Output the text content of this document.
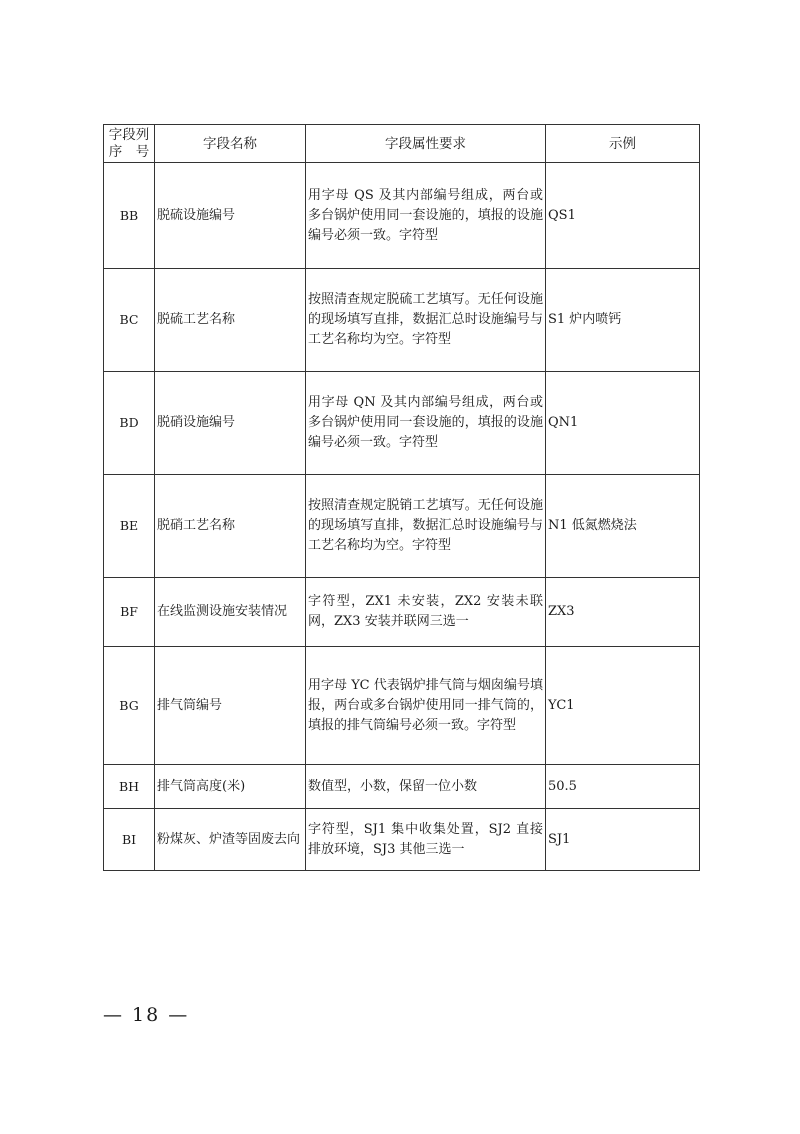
字段列
序　号	字段名称	字段属性要求	示例
BB	脱硫设施编号	用字母 QS 及其内部编号组成，两台或多台锅炉使用同一套设施的，填报的设施编号必须一致。字符型	QS1
BC	脱硫工艺名称	按照清查规定脱硫工艺填写。无任何设施的现场填写直排，数据汇总时设施编号与工艺名称均为空。字符型	S1 炉内喷钙
BD	脱硝设施编号	用字母 QN 及其内部编号组成，两台或多台锅炉使用同一套设施的，填报的设施编号必须一致。字符型	QN1
BE	脱硝工艺名称	按照清查规定脱销工艺填写。无任何设施的现场填写直排，数据汇总时设施编号与工艺名称均为空。字符型	N1 低氮燃烧法
BF	在线监测设施安装情况	字符型，ZX1 未安装，ZX2 安装未联网，ZX3 安装并联网三选一	ZX3
BG	排气筒编号	用字母 YC 代表锅炉排气筒与烟囱编号填报，两台或多台锅炉使用同一排气筒的，填报的排气筒编号必须一致。字符型	YC1
BH	排气筒高度(米)	数值型，小数，保留一位小数	50.5
BI	粉煤灰、炉渣等固废去向	字符型，SJ1 集中收集处置，SJ2 直接排放环境，SJ3 其他三选一	SJ1
— 18 —
